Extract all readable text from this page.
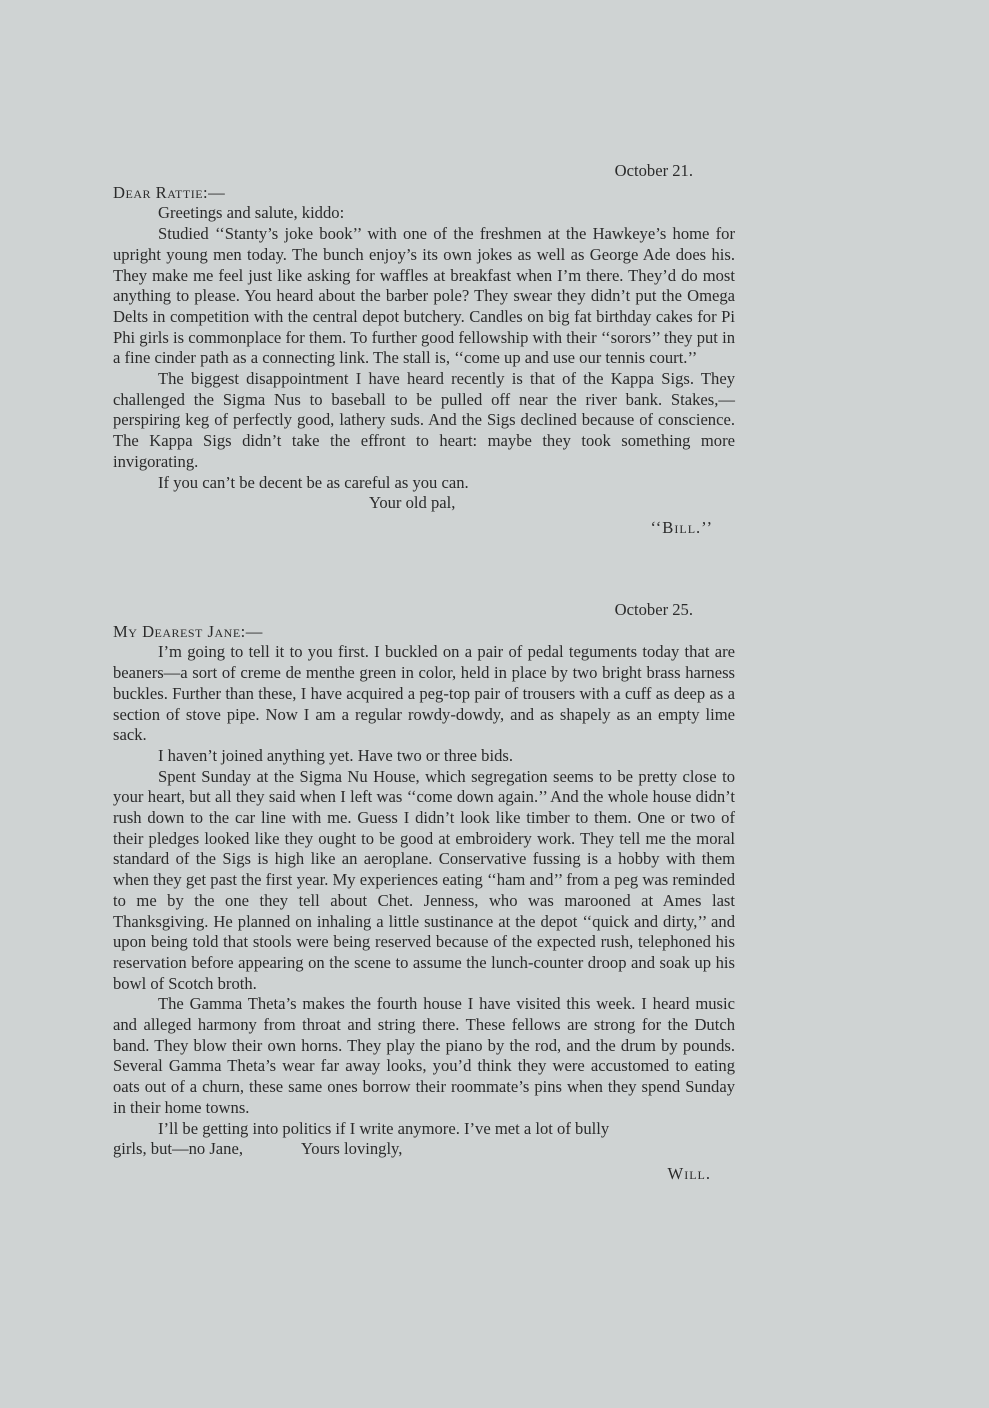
October 21.

Dear Rattie:—

Greetings and salute, kiddo:

Studied ‘‘Stanty’s joke book’’ with one of the freshmen at the Hawkeye’s home for upright young men today. The bunch enjoy’s its own jokes as well as George Ade does his. They make me feel just like asking for waffles at breakfast when I’m there. They’d do most anything to please. You heard about the barber pole? They swear they didn’t put the Omega Delts in competition with the central depot butchery. Candles on big fat birthday cakes for Pi Phi girls is commonplace for them. To further good fellowship with their ‘‘sorors’’ they put in a fine cinder path as a connecting link. The stall is, ‘‘come up and use our tennis court.’’

The biggest disappointment I have heard recently is that of the Kappa Sigs. They challenged the Sigma Nus to baseball to be pulled off near the river bank. Stakes,—perspiring keg of perfectly good, lathery suds. And the Sigs declined because of conscience. The Kappa Sigs didn’t take the effront to heart: maybe they took something more invigorating.

If you can’t be decent be as careful as you can.

Your old pal,

‘‘Bill.’’

October 25.

My Dearest Jane:—

I’m going to tell it to you first. I buckled on a pair of pedal teguments today that are beaners—a sort of creme de menthe green in color, held in place by two bright brass harness buckles. Further than these, I have acquired a peg-top pair of trousers with a cuff as deep as a section of stove pipe. Now I am a regular rowdy-dowdy, and as shapely as an empty lime sack.

I haven’t joined anything yet. Have two or three bids.

Spent Sunday at the Sigma Nu House, which segregation seems to be pretty close to your heart, but all they said when I left was ‘‘come down again.’’ And the whole house didn’t rush down to the car line with me. Guess I didn’t look like timber to them. One or two of their pledges looked like they ought to be good at embroidery work. They tell me the moral standard of the Sigs is high like an aeroplane. Conservative fussing is a hobby with them when they get past the first year. My experiences eating ‘‘ham and’’ from a peg was reminded to me by the one they tell about Chet. Jenness, who was marooned at Ames last Thanksgiving. He planned on inhaling a little sustinance at the depot ‘‘quick and dirty,’’ and upon being told that stools were being reserved because of the expected rush, telephoned his reservation before appearing on the scene to assume the lunch-counter droop and soak up his bowl of Scotch broth.

The Gamma Theta’s makes the fourth house I have visited this week. I heard music and alleged harmony from throat and string there. These fellows are strong for the Dutch band. They blow their own horns. They play the piano by the rod, and the drum by pounds. Several Gamma Theta’s wear far away looks, you’d think they were accustomed to eating oats out of a churn, these same ones borrow their roommate’s pins when they spend Sunday in their home towns.

I’ll be getting into politics if I write anymore. I’ve met a lot of bully

girls, but—no Jane,	Yours lovingly,

Will.
